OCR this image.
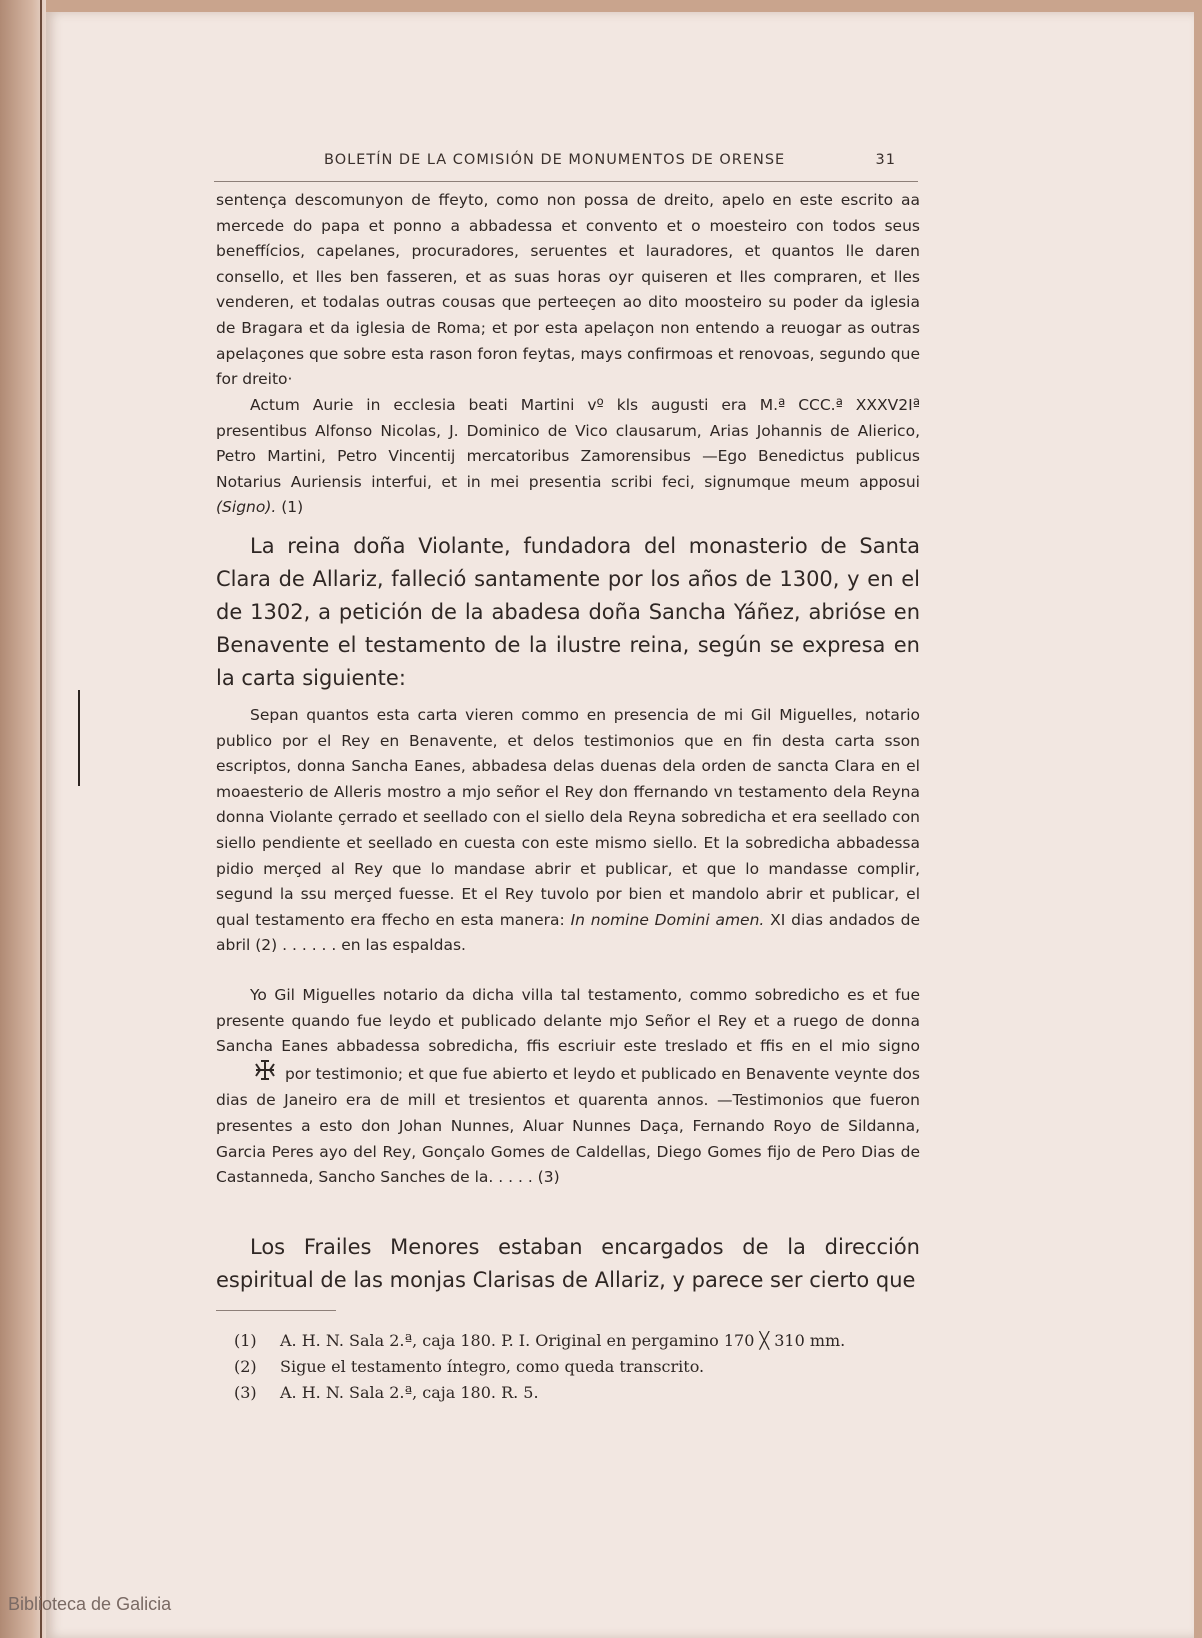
BOLETÍN DE LA COMISIÓN DE MONUMENTOS DE ORENSE	31

sentença descomunyon de ffeyto, como non possa de dreito, apelo en este escrito aa mercede do papa et ponno a abbadessa et convento et o moesteiro con todos seus beneffícios, capelanes, procuradores, seruentes et lauradores, et quantos lle daren consello, et lles ben fasseren, et as suas horas oyr quiseren et lles compraren, et lles venderen, et todalas outras cousas que perteeçen ao dito moosteiro su poder da iglesia de Bragara et da iglesia de Roma; et por esta apelaçon non entendo a reuogar as outras apelaçones que sobre esta rason foron feytas, mays confirmoas et renovoas, segundo que for dreito·

Actum Aurie in ecclesia beati Martini vº kls augusti era M.ª CCC.ª XXXV2Iª presentibus Alfonso Nicolas, J. Dominico de Vico clausarum, Arias Johannis de Alierico, Petro Martini, Petro Vincentij mercatoribus Zamorensibus —Ego Benedictus publicus Notarius Auriensis interfui, et in mei presentia scribi feci, signumque meum apposui (Signo). (1)

La reina doña Violante, fundadora del monasterio de Santa Clara de Allariz, falleció santamente por los años de 1300, y en el de 1302, a petición de la abadesa doña Sancha Yáñez, abrióse en Benavente el testamento de la ilustre reina, según se expresa en la carta siguiente:

Sepan quantos esta carta vieren commo en presencia de mi Gil Miguelles, notario publico por el Rey en Benavente, et delos testimonios que en fin desta carta sson escriptos, donna Sancha Eanes, abbadesa delas duenas dela orden de sancta Clara en el moaesterio de Alleris mostro a mjo señor el Rey don ffernando vn testamento dela Reyna donna Violante çerrado et seellado con el siello dela Reyna sobredicha et era seellado con siello pendiente et seellado en cuesta con este mismo siello. Et la sobredicha abbadessa pidio merçed al Rey que lo mandase abrir et publicar, et que lo mandasse complir, segund la ssu merçed fuesse. Et el Rey tuvolo por bien et mandolo abrir et publicar, el qual testamento era ffecho en esta manera: In nomine Domini amen. XI dias andados de abril (2) . . . . . . en las espaldas.

Yo Gil Miguelles notario da dicha villa tal testamento, commo sobredicho es et fue presente quando fue leydo et publicado delante mjo Señor el Rey et a ruego de donna Sancha Eanes abbadessa sobredicha, ffis escriuir este treslado et ffis en el mio signo  por testimonio; et que fue abierto et leydo et publicado en Benavente veynte dos dias de Janeiro era de mill et tresientos et quarenta annos. —Testimonios que fueron presentes a esto don Johan Nunnes, Aluar Nunnes Daça, Fernando Royo de Sildanna, Garcia Peres ayo del Rey, Gonçalo Gomes de Caldellas, Diego Gomes fijo de Pero Dias de Castanneda, Sancho Sanches de la. . . . . (3)

Los Frailes Menores estaban encargados de la dirección espiritual de las monjas Clarisas de Allariz, y parece ser cierto que

(1)	A. H. N. Sala 2.ª, caja 180. P. I. Original en pergamino 170 ╳ 310 mm.
(2)	Sigue el testamento íntegro, como queda transcrito.
(3)	A. H. N. Sala 2.ª, caja 180. R. 5.
Biblioteca de Galicia
